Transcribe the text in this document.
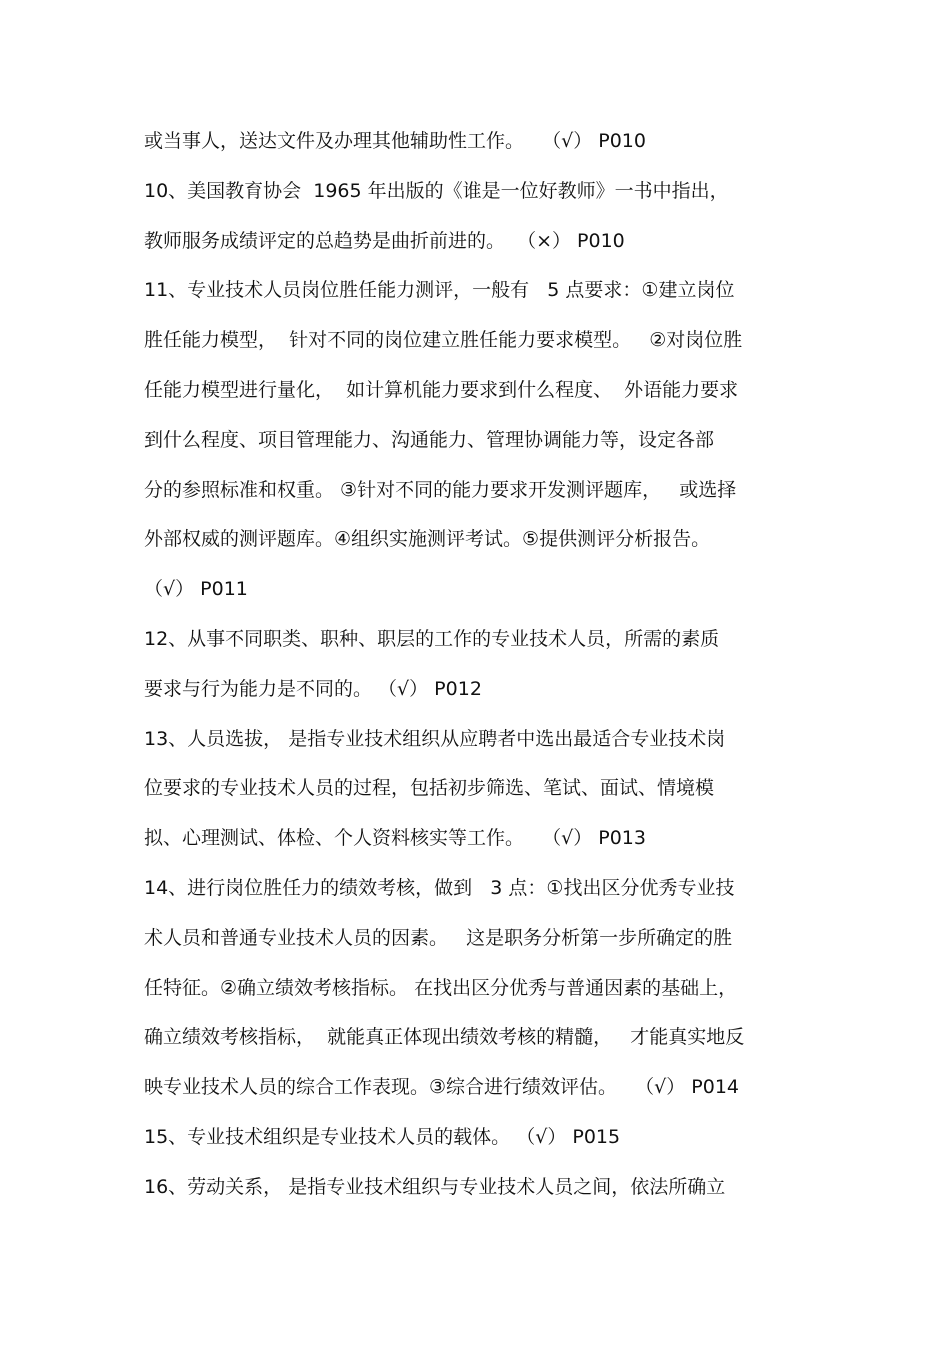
或当事人，送达文件及办理其他辅助性工作。   （√） P010
10、美国教育协会  1965 年出版的《谁是一位好教师》一书中指出，
教师服务成绩评定的总趋势是曲折前进的。  （×） P010
11、专业技术人员岗位胜任能力测评，一般有   5 点要求：①建立岗位
胜任能力模型，  针对不同的岗位建立胜任能力要求模型。   ②对岗位胜
任能力模型进行量化，  如计算机能力要求到什么程度、  外语能力要求
到什么程度、项目管理能力、沟通能力、管理协调能力等，设定各部
分的参照标准和权重。 ③针对不同的能力要求开发测评题库，   或选择
外部权威的测评题库。④组织实施测评考试。⑤提供测评分析报告。
（√） P011
12、从事不同职类、职种、职层的工作的专业技术人员，所需的素质
要求与行为能力是不同的。 （√） P012
13、人员选拔， 是指专业技术组织从应聘者中选出最适合专业技术岗
位要求的专业技术人员的过程，包括初步筛选、笔试、面试、情境模
拟、心理测试、体检、个人资料核实等工作。   （√） P013
14、进行岗位胜任力的绩效考核，做到   3 点：①找出区分优秀专业技
术人员和普通专业技术人员的因素。   这是职务分析第一步所确定的胜
任特征。②确立绩效考核指标。 在找出区分优秀与普通因素的基础上，
确立绩效考核指标，  就能真正体现出绩效考核的精髓，   才能真实地反
映专业技术人员的综合工作表现。③综合进行绩效评估。   （√） P014
15、专业技术组织是专业技术人员的载体。 （√） P015
16、劳动关系， 是指专业技术组织与专业技术人员之间，依法所确立
